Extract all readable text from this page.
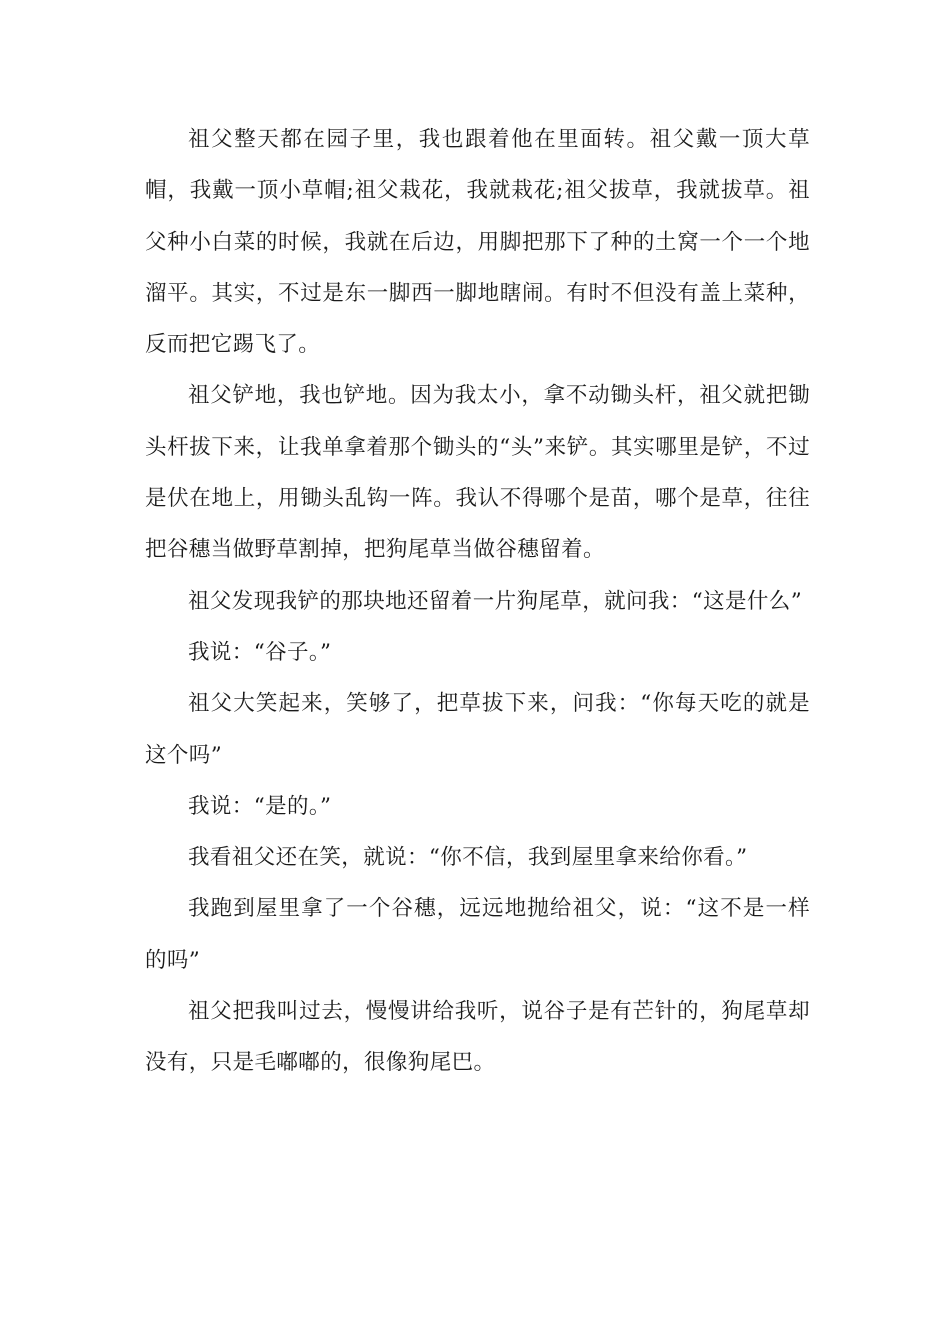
祖父整天都在园子里，我也跟着他在里面转。祖父戴一顶大草帽，我戴一顶小草帽;祖父栽花，我就栽花;祖父拔草，我就拔草。祖父种小白菜的时候，我就在后边，用脚把那下了种的土窝一个一个地溜平。其实，不过是东一脚西一脚地瞎闹。有时不但没有盖上菜种，反而把它踢飞了。

祖父铲地，我也铲地。因为我太小，拿不动锄头杆，祖父就把锄头杆拔下来，让我单拿着那个锄头的“头”来铲。其实哪里是铲，不过是伏在地上，用锄头乱钩一阵。我认不得哪个是苗，哪个是草，往往把谷穗当做野草割掉，把狗尾草当做谷穗留着。

祖父发现我铲的那块地还留着一片狗尾草，就问我：“这是什么”

我说：“谷子。”

祖父大笑起来，笑够了，把草拔下来，问我：“你每天吃的就是这个吗”

我说：“是的。”

我看祖父还在笑，就说：“你不信，我到屋里拿来给你看。”

我跑到屋里拿了一个谷穗，远远地抛给祖父，说：“这不是一样的吗”

祖父把我叫过去，慢慢讲给我听，说谷子是有芒针的，狗尾草却没有，只是毛嘟嘟的，很像狗尾巴。
